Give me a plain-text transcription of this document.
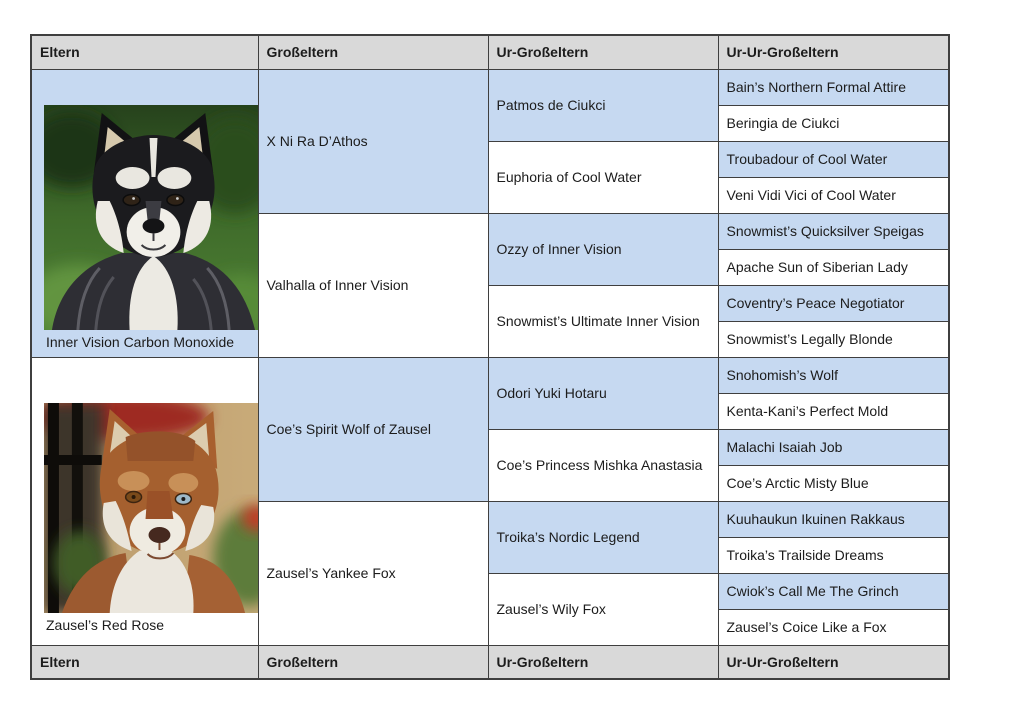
Eltern	Großeltern	Ur-Großeltern	Ur-Ur-Großeltern

Inner Vision Carbon Monoxide	X Ni Ra D’Athos	Patmos de Ciukci	Bain’s Northern Formal Attire
			Beringia de Ciukci
		Euphoria of Cool Water	Troubadour of Cool Water
			Veni Vidi Vici of Cool Water
	Valhalla of Inner Vision	Ozzy of Inner Vision	Snowmist’s Quicksilver Speigas
			Apache Sun of Siberian Lady
		Snowmist’s Ultimate Inner Vision	Coventry’s Peace Negotiator
			Snowmist’s Legally Blonde

Zausel’s Red Rose	Coe’s Spirit Wolf of Zausel	Odori Yuki Hotaru	Snohomish’s Wolf
			Kenta-Kani’s Perfect Mold
		Coe’s Princess Mishka Anastasia	Malachi Isaiah Job
			Coe’s Arctic Misty Blue
	Zausel’s Yankee Fox	Troika’s Nordic Legend	Kuuhaukun Ikuinen Rakkaus
			Troika’s Trailside Dreams
		Zausel’s Wily Fox	Cwiok’s Call Me The Grinch
			Zausel’s Coice Like a Fox
Eltern	Großeltern	Ur-Großeltern	Ur-Ur-Großeltern
